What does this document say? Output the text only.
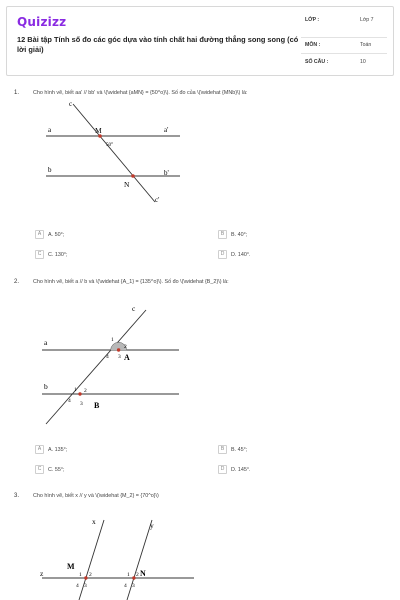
Quizizz
12 Bài tập Tính số đo các góc dựa vào tính chất hai đường thẳng song song (có lời giải)
LỚP :	Lớp 7
MÔN :	Toán
SỐ CÂU :	10
1.	Cho hình vẽ, biết aa' // bb' và \(\widehat {aMN} = {50^o}\). Số đo của \(\widehat {MNb}\) là:
a	a'
b	b'
c
c'
M
N
50°
A	A. 50°;	B	B. 40°;
C	C. 130°;	D	D. 140°.
2.	Cho hình vẽ, biết a // b và \(\widehat {A_1} = {135^o}\). Số đo \(\widehat {B_2}\) là:
a
b
c
A
B
1
2
3
4
1 2
3
4
A	A. 135°;	B	B. 45°;
C	C. 55°;	D	D. 145°.
3.	Cho hình vẽ, biết x // y và \(\widehat {M_2} = {70^o}\)
x	y
z
M
N
1 2
3
4
1 2
3
4
